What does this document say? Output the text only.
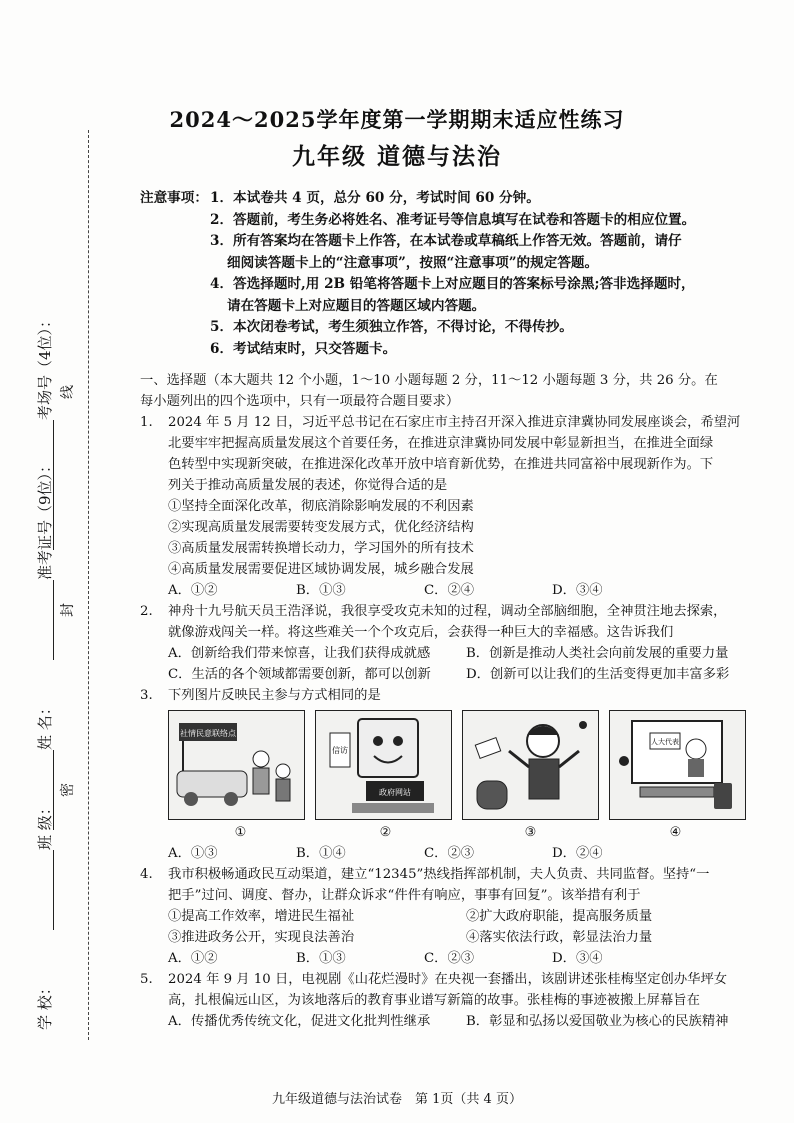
考场号（4位）：
准考证号（9位）：
姓 名：
学 校：
班 级：
线
封
密
2024～2025学年度第一学期期末适应性练习
九年级 道德与法治
注意事项： 1．本试卷共 4 页，总分 60 分，考试时间 60 分钟。
2．答题前，考生务必将姓名、准考证号等信息填写在试卷和答题卡的相应位置。
3．所有答案均在答题卡上作答，在本试卷或草稿纸上作答无效。答题前，请仔
细阅读答题卡上的“注意事项”，按照“注意事项”的规定答题。
4．答选择题时,用 2B 铅笔将答题卡上对应题目的答案标号涂黑;答非选择题时，
请在答题卡上对应题目的答题区域内答题。
5．本次闭卷考试，考生须独立作答，不得讨论，不得传抄。
6．考试结束时，只交答题卡。
一、选择题（本大题共 12 个小题，1～10 小题每题 2 分，11～12 小题每题 3 分，共 26 分。在
每小题列出的四个选项中，只有一项最符合题目要求）
1.	2024 年 5 月 12 日，习近平总书记在石家庄市主持召开深入推进京津冀协同发展座谈会，希望河
北要牢牢把握高质量发展这个首要任务，在推进京津冀协同发展中彰显新担当，在推进全面绿
色转型中实现新突破，在推进深化改革开放中培育新优势，在推进共同富裕中展现新作为。下
列关于推动高质量发展的表述，你觉得合适的是
①坚持全面深化改革，彻底消除影响发展的不利因素
②实现高质量发展需要转变发展方式，优化经济结构
③高质量发展需转换增长动力，学习国外的所有技术
④高质量发展需要促进区域协调发展，城乡融合发展
A．①②	B．①③	C．②④	D．③④
2.	神舟十九号航天员王浩泽说，我很享受攻克未知的过程，调动全部脑细胞，全神贯注地去探索，
就像游戏闯关一样。将这些难关一个个攻克后，会获得一种巨大的幸福感。这告诉我们
A．创新给我们带来惊喜，让我们获得成就感	B．创新是推动人类社会向前发展的重要力量
C．生活的各个领域都需要创新，都可以创新	D．创新可以让我们的生活变得更加丰富多彩
3.	下列图片反映民主参与方式相同的是
社情民意联络点
信访
政府网站
人大代表
①	②	③	④
A．①③	B．①④	C．②③	D．②④
4.	我市积极畅通政民互动渠道，建立“12345”热线指挥部机制，夫人负责、共同监督。坚持“一
把手”过问、调度、督办，让群众诉求“件件有响应，事事有回复”。该举措有利于
①提高工作效率，增进民生福祉	②扩大政府职能，提高服务质量
③推进政务公开，实现良法善治	④落实依法行政，彰显法治力量
A．①②	B．①③	C．②③	D．③④
5.	2024 年 9 月 10 日，电视剧《山花烂漫时》在央视一套播出，该剧讲述张桂梅坚定创办华坪女
高，扎根偏远山区，为该地落后的教育事业谱写新篇的故事。张桂梅的事迹被搬上屏幕旨在
A．传播优秀传统文化，促进文化批判性继承	B．彰显和弘扬以爱国敬业为核心的民族精神
九年级道德与法治试卷　第 1页（共 4 页）
